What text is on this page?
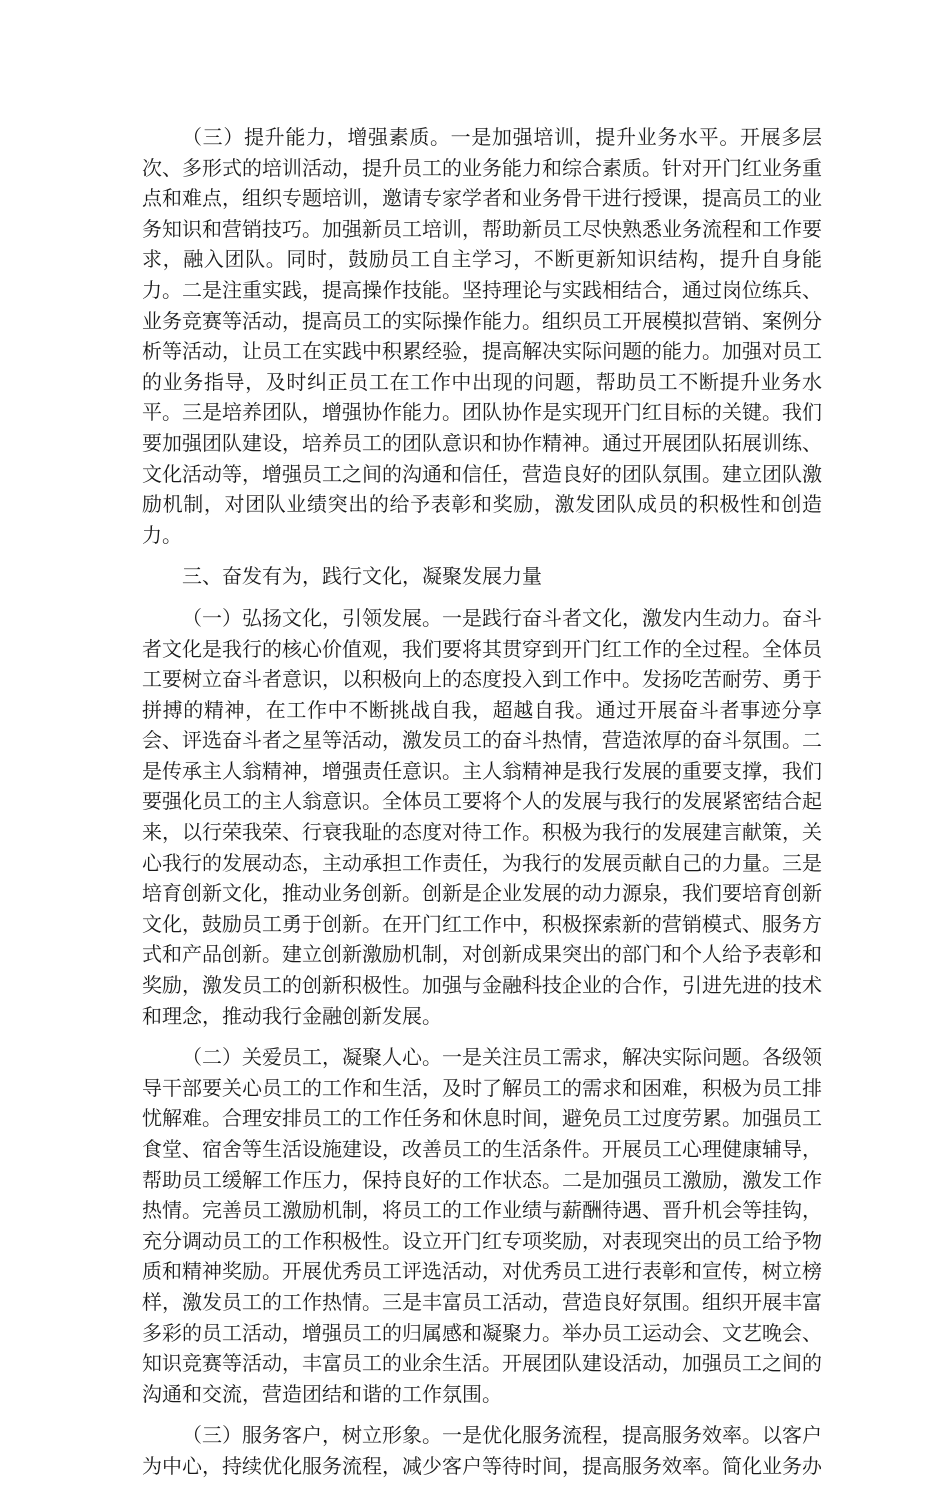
（三）提升能力，增强素质。一是加强培训，提升业务水平。开展多层次、多形式的培训活动，提升员工的业务能力和综合素质。针对开门红业务重点和难点，组织专题培训，邀请专家学者和业务骨干进行授课，提高员工的业务知识和营销技巧。加强新员工培训，帮助新员工尽快熟悉业务流程和工作要求，融入团队。同时，鼓励员工自主学习，不断更新知识结构，提升自身能力。二是注重实践，提高操作技能。坚持理论与实践相结合，通过岗位练兵、业务竞赛等活动，提高员工的实际操作能力。组织员工开展模拟营销、案例分析等活动，让员工在实践中积累经验，提高解决实际问题的能力。加强对员工的业务指导，及时纠正员工在工作中出现的问题，帮助员工不断提升业务水平。三是培养团队，增强协作能力。团队协作是实现开门红目标的关键。我们要加强团队建设，培养员工的团队意识和协作精神。通过开展团队拓展训练、文化活动等，增强员工之间的沟通和信任，营造良好的团队氛围。建立团队激励机制，对团队业绩突出的给予表彰和奖励，激发团队成员的积极性和创造力。

三、奋发有为，践行文化，凝聚发展力量

（一）弘扬文化，引领发展。一是践行奋斗者文化，激发内生动力。奋斗者文化是我行的核心价值观，我们要将其贯穿到开门红工作的全过程。全体员工要树立奋斗者意识，以积极向上的态度投入到工作中。发扬吃苦耐劳、勇于拼搏的精神，在工作中不断挑战自我，超越自我。通过开展奋斗者事迹分享会、评选奋斗者之星等活动，激发员工的奋斗热情，营造浓厚的奋斗氛围。二是传承主人翁精神，增强责任意识。主人翁精神是我行发展的重要支撑，我们要强化员工的主人翁意识。全体员工要将个人的发展与我行的发展紧密结合起来，以行荣我荣、行衰我耻的态度对待工作。积极为我行的发展建言献策，关心我行的发展动态，主动承担工作责任，为我行的发展贡献自己的力量。三是培育创新文化，推动业务创新。创新是企业发展的动力源泉，我们要培育创新文化，鼓励员工勇于创新。在开门红工作中，积极探索新的营销模式、服务方式和产品创新。建立创新激励机制，对创新成果突出的部门和个人给予表彰和奖励，激发员工的创新积极性。加强与金融科技企业的合作，引进先进的技术和理念，推动我行金融创新发展。

（二）关爱员工，凝聚人心。一是关注员工需求，解决实际问题。各级领导干部要关心员工的工作和生活，及时了解员工的需求和困难，积极为员工排忧解难。合理安排员工的工作任务和休息时间，避免员工过度劳累。加强员工食堂、宿舍等生活设施建设，改善员工的生活条件。开展员工心理健康辅导，帮助员工缓解工作压力，保持良好的工作状态。二是加强员工激励，激发工作热情。完善员工激励机制，将员工的工作业绩与薪酬待遇、晋升机会等挂钩，充分调动员工的工作积极性。设立开门红专项奖励，对表现突出的员工给予物质和精神奖励。开展优秀员工评选活动，对优秀员工进行表彰和宣传，树立榜样，激发员工的工作热情。三是丰富员工活动，营造良好氛围。组织开展丰富多彩的员工活动，增强员工的归属感和凝聚力。举办员工运动会、文艺晚会、知识竞赛等活动，丰富员工的业余生活。开展团队建设活动，加强员工之间的沟通和交流，营造团结和谐的工作氛围。

（三）服务客户，树立形象。一是优化服务流程，提高服务效率。以客户为中心，持续优化服务流程，减少客户等待时间，提高服务效率。简化业务办
